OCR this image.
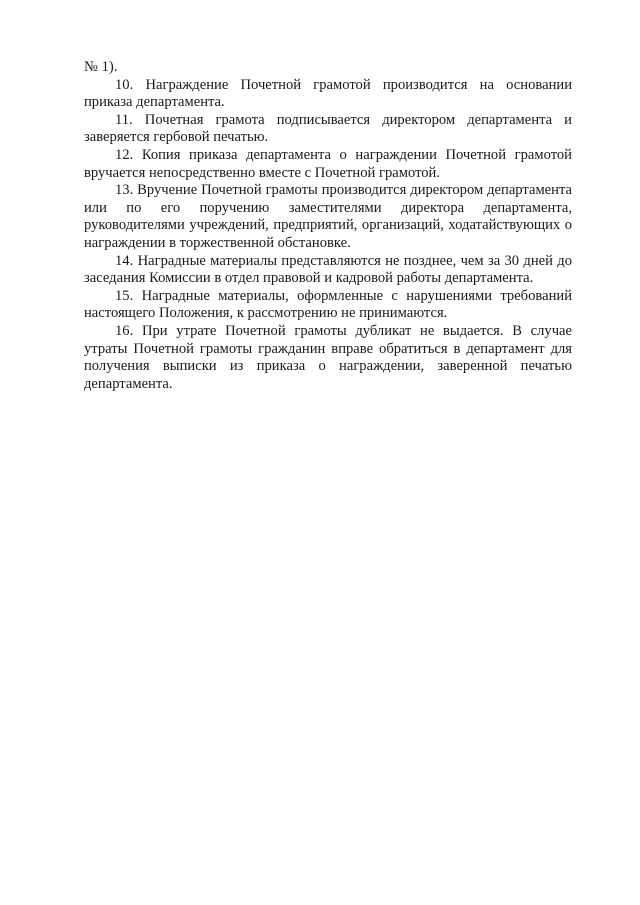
№ 1).

10. Награждение Почетной грамотой производится на основании приказа департамента.

11. Почетная грамота подписывается директором департамента и заверяется гербовой печатью.

12. Копия приказа департамента о награждении Почетной грамотой вручается непосредственно вместе с Почетной грамотой.

13. Вручение Почетной грамоты производится директором департамента или по его поручению заместителями директора департамента, руководителями учреждений, предприятий, организаций, ходатайствующих о награждении в торжественной обстановке.

14. Наградные материалы представляются не позднее, чем за 30 дней до заседания Комиссии в отдел правовой и кадровой работы департамента.

15. Наградные материалы, оформленные с нарушениями требований настоящего Положения, к рассмотрению не принимаются.

16. При утрате Почетной грамоты дубликат не выдается. В случае утраты Почетной грамоты гражданин вправе обратиться в департамент для получения выписки из приказа о награждении, заверенной печатью департамента.
